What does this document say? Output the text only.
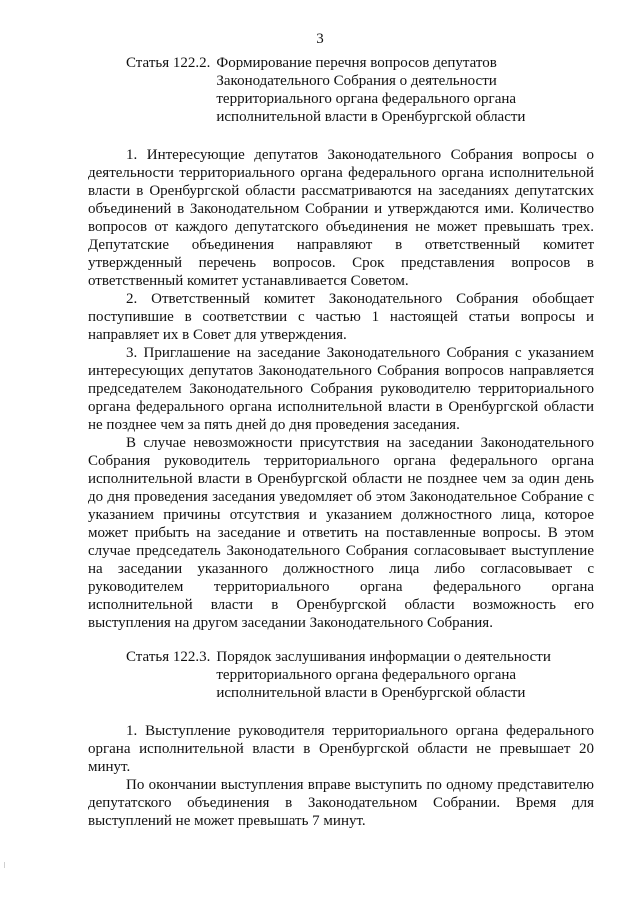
3
Статья 122.2. Формирование перечня вопросов депутатов Законодательного Собрания о деятельности территориального органа федерального органа исполнительной власти в Оренбургской области

1. Интересующие депутатов Законодательного Собрания вопросы о деятельности территориального органа федерального органа исполнительной власти в Оренбургской области рассматриваются на заседаниях депутатских объединений в Законодательном Собрании и утверждаются ими. Количество вопросов от каждого депутатского объединения не может превышать трех. Депутатские объединения направляют в ответственный комитет утвержденный перечень вопросов. Срок представления вопросов в ответственный комитет устанавливается Советом.

2. Ответственный комитет Законодательного Собрания обобщает поступившие в соответствии с частью 1 настоящей статьи вопросы и направляет их в Совет для утверждения.

3. Приглашение на заседание Законодательного Собрания с указанием интересующих депутатов Законодательного Собрания вопросов направляется председателем Законодательного Собрания руководителю территориального органа федерального органа исполнительной власти в Оренбургской области не позднее чем за пять дней до дня проведения заседания.

В случае невозможности присутствия на заседании Законодательного Собрания руководитель территориального органа федерального органа исполнительной власти в Оренбургской области не позднее чем за один день до дня проведения заседания уведомляет об этом Законодательное Собрание с указанием причины отсутствия и указанием должностного лица, которое может прибыть на заседание и ответить на поставленные вопросы. В этом случае председатель Законодательного Собрания согласовывает выступление на заседании указанного должностного лица либо согласовывает с руководителем территориального органа федерального органа исполнительной власти в Оренбургской области возможность его выступления на другом заседании Законодательного Собрания.

Статья 122.3. Порядок заслушивания информации о деятельности территориального органа федерального органа исполнительной власти в Оренбургской области

1. Выступление руководителя территориального органа федерального органа исполнительной власти в Оренбургской области не превышает 20 минут.

По окончании выступления вправе выступить по одному представителю депутатского объединения в Законодательном Собрании. Время для выступлений не может превышать 7 минут.
